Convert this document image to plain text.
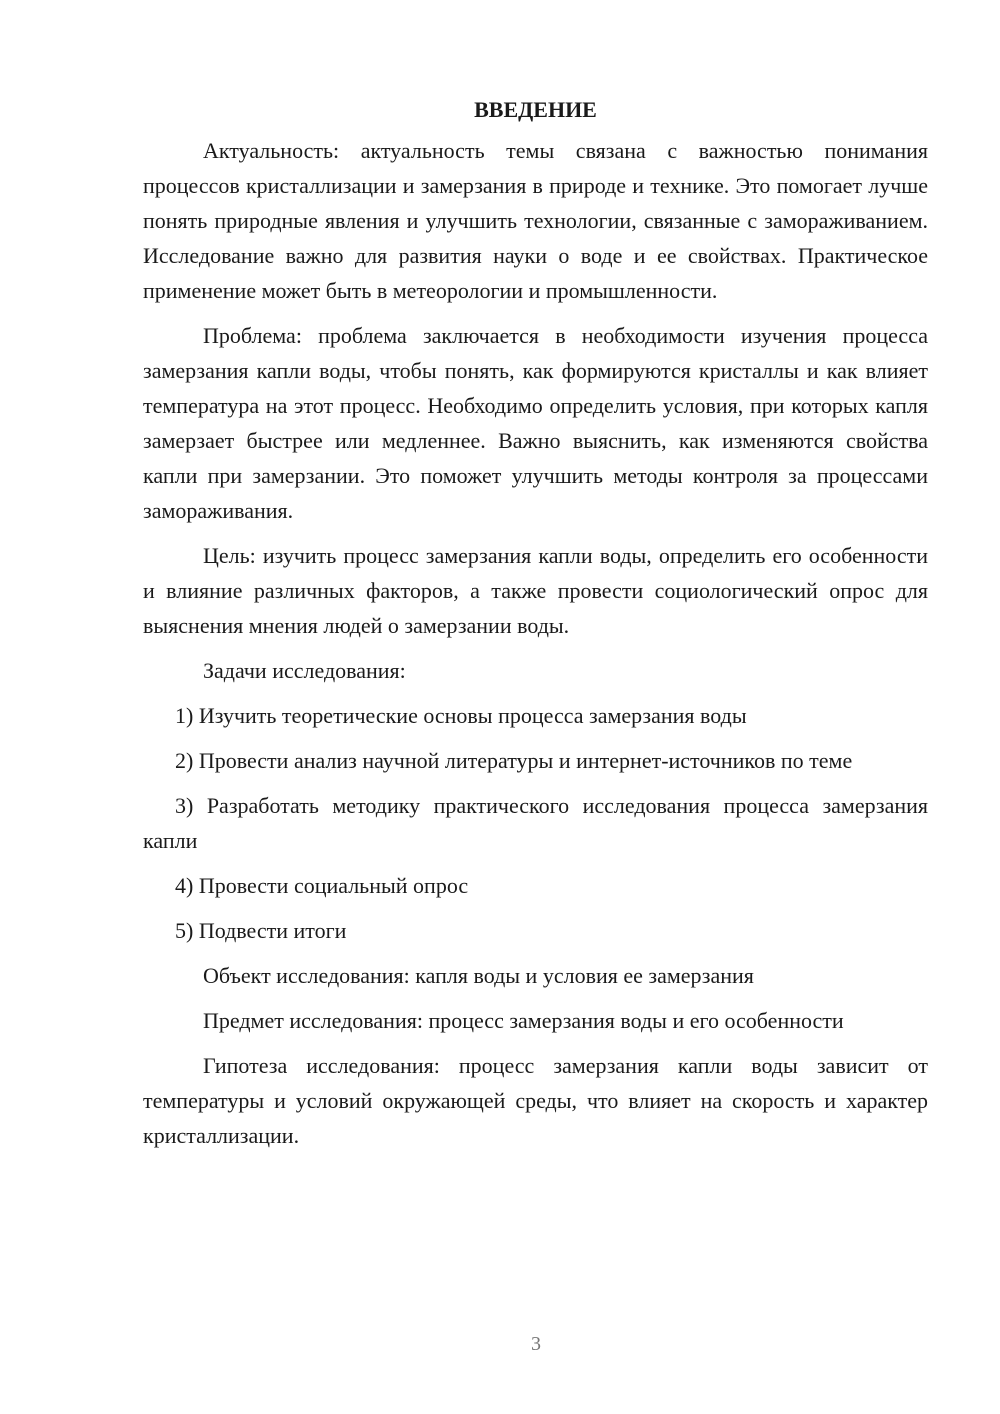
ВВЕДЕНИЕ

Актуальность: актуальность темы связана с важностью понимания процессов кристаллизации и замерзания в природе и технике. Это помогает лучше понять природные явления и улучшить технологии, связанные с замораживанием. Исследование важно для развития науки о воде и ее свойствах. Практическое применение может быть в метеорологии и промышленности.

Проблема: проблема заключается в необходимости изучения процесса замерзания капли воды, чтобы понять, как формируются кристаллы и как влияет температура на этот процесс. Необходимо определить условия, при которых капля замерзает быстрее или медленнее. Важно выяснить, как изменяются свойства капли при замерзании. Это поможет улучшить методы контроля за процессами замораживания.

Цель: изучить процесс замерзания капли воды, определить его особенности и влияние различных факторов, а также провести социологический опрос для выяснения мнения людей о замерзании воды.

Задачи исследования:

1) Изучить теоретические основы процесса замерзания воды

2) Провести анализ научной литературы и интернет-источников по теме

3) Разработать методику практического исследования процесса замерзания капли

4) Провести социальный опрос

5) Подвести итоги

Объект исследования: капля воды и условия ее замерзания

Предмет исследования: процесс замерзания воды и его особенности

Гипотеза исследования: процесс замерзания капли воды зависит от температуры и условий окружающей среды, что влияет на скорость и характер кристаллизации.

3
